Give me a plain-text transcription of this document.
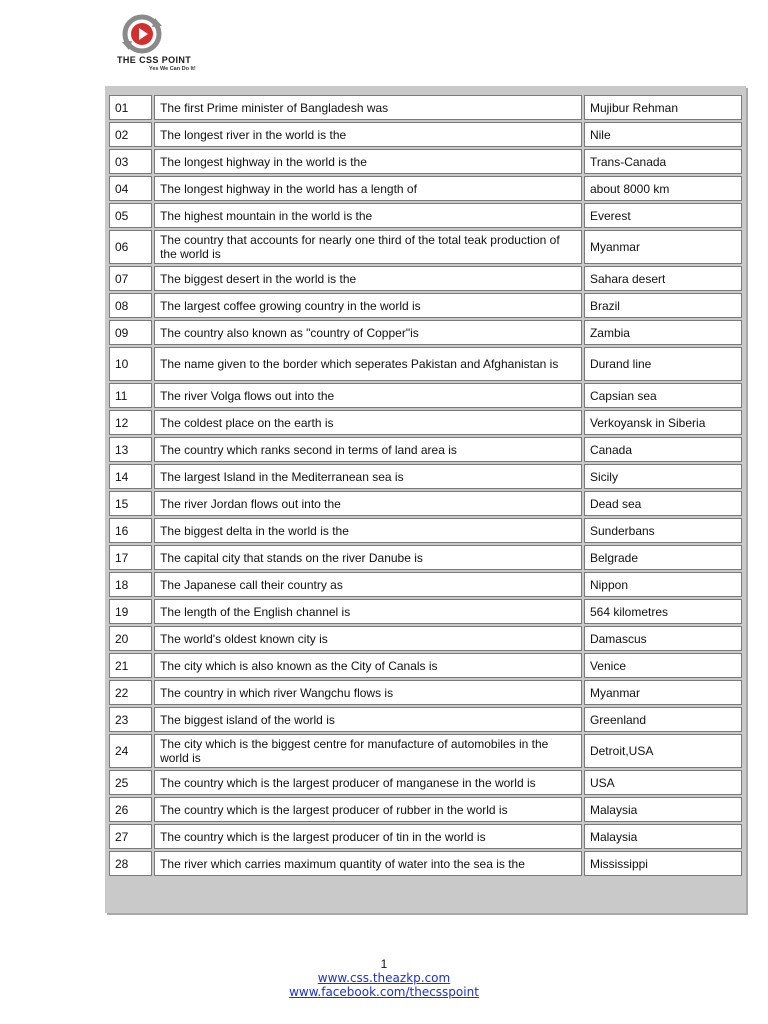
THE CSS POINT
Yes We Can Do It!
01	The first Prime minister of Bangladesh was	Mujibur Rehman
02	The longest river in the world is the	Nile
03	The longest highway in the world is the	Trans-Canada
04	The longest highway in the world has a length of	about 8000 km
05	The highest mountain in the world is the	Everest
06	The country that accounts for nearly one third of the total teak production of the world is	Myanmar
07	The biggest desert in the world is the	Sahara desert
08	The largest coffee growing country in the world is	Brazil
09	The country also known as "country of Copper"is	Zambia
10	The name given to the border which seperates Pakistan and Afghanistan is	Durand line
11	The river Volga flows out into the	Capsian sea
12	The coldest place on the earth is	Verkoyansk in Siberia
13	The country which ranks second in terms of land area is	Canada
14	The largest Island in the Mediterranean sea is	Sicily
15	The river Jordan flows out into the	Dead sea
16	The biggest delta in the world is the	Sunderbans
17	The capital city that stands on the river Danube is	Belgrade
18	The Japanese call their country as	Nippon
19	The length of the English channel is	564 kilometres
20	The world's oldest known city is	Damascus
21	The city which is also known as the City of Canals is	Venice
22	The country in which river Wangchu flows is	Myanmar
23	The biggest island of the world is	Greenland
24	The city which is the biggest centre for manufacture of automobiles in the world is	Detroit,USA
25	The country which is the largest producer of manganese in the world is	USA
26	The country which is the largest producer of rubber in the world is	Malaysia
27	The country which is the largest producer of tin in the world is	Malaysia
28	The river which carries maximum quantity of water into the sea is the	Mississippi
1
www.css.theazkp.com
www.facebook.com/thecsspoint
